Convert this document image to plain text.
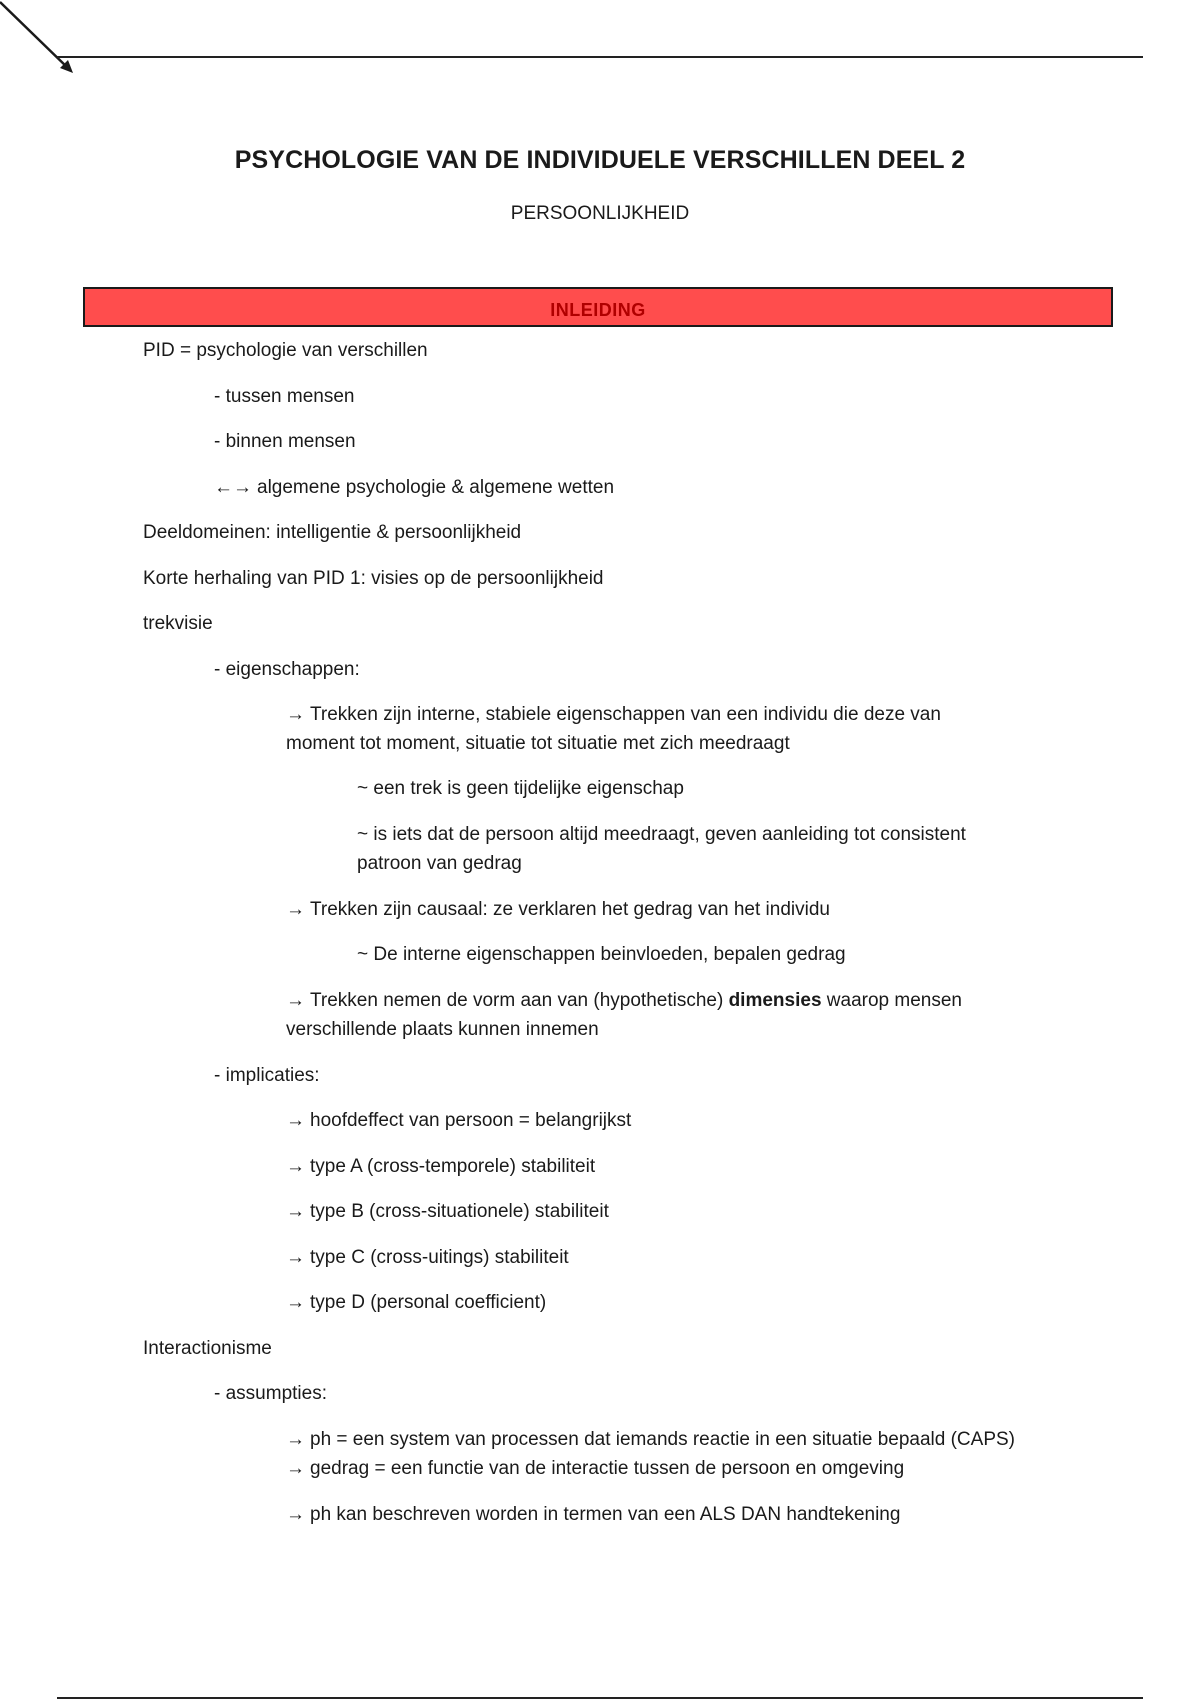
PSYCHOLOGIE VAN DE INDIVIDUELE VERSCHILLEN DEEL 2
PERSOONLIJKHEID
INLEIDING
PID = psychologie van verschillen
- tussen mensen
- binnen mensen
←→ algemene psychologie & algemene wetten
Deeldomeinen: intelligentie & persoonlijkheid
Korte herhaling van PID 1: visies op de persoonlijkheid
trekvisie
- eigenschappen:
→ Trekken zijn interne, stabiele eigenschappen van een individu die deze van
moment tot moment, situatie tot situatie met zich meedraagt
~ een trek is geen tijdelijke eigenschap
~ is iets dat de persoon altijd meedraagt, geven aanleiding tot consistent
patroon van gedrag
→ Trekken zijn causaal: ze verklaren het gedrag van het individu
~ De interne eigenschappen beinvloeden, bepalen gedrag
→ Trekken nemen de vorm aan van (hypothetische) dimensies waarop mensen
verschillende plaats kunnen innemen
- implicaties:
→ hoofdeffect van persoon = belangrijkst
→ type A (cross-temporele) stabiliteit
→ type B (cross-situationele) stabiliteit
→ type C (cross-uitings) stabiliteit
→ type D (personal coefficient)
Interactionisme
- assumpties:
→ ph = een system van processen dat iemands reactie in een situatie bepaald (CAPS)
→ gedrag = een functie van de interactie tussen de persoon en omgeving
→ ph kan beschreven worden in termen van een ALS DAN handtekening
